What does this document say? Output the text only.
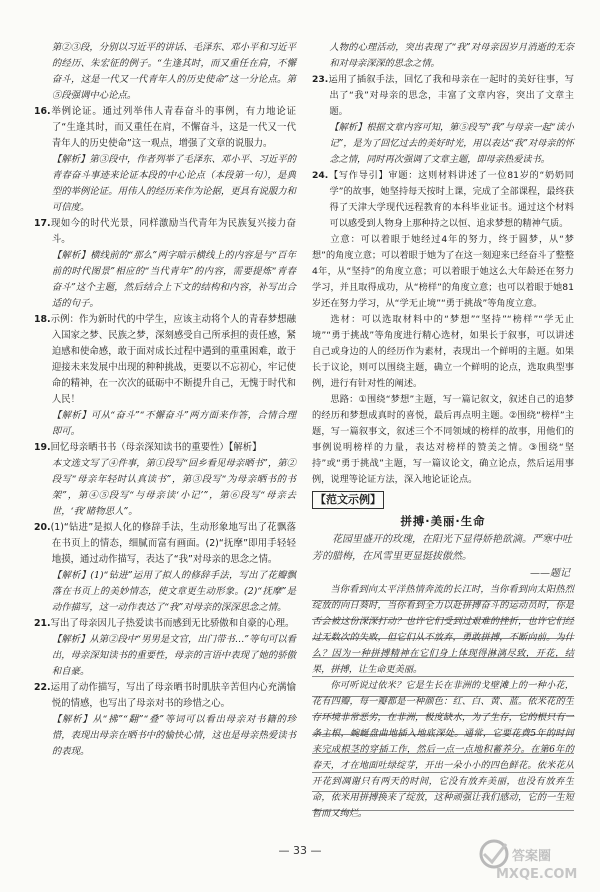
第②③段，分别以习近平的讲话、毛泽东、邓小平和习近平的经历、朱宏征的例子。“生逢其时，而又重任在肩，不懈奋斗，这是一代又一代青年人的历史使命”这一分论点。第⑤段强调中心论点。
16.举例论证。通过列举伟人青春奋斗的事例，有力地论证了“生逢其时，而又重任在肩，不懈奋斗，这是一代又一代青年人的历史使命”这一观点，增强了文章的说服力。
【解析】第③段中，作者列举了毛泽东、邓小平、习近平的青春奋斗事迹来论证本段的中心论点（本段第一句），是典型的举例论证。用伟人的经历来作为论据，更具有说服力和可信度。
17.现如今的时代光景，同样激励当代青年为民族复兴接力奋斗。
【解析】横线前的“那么”两字暗示横线上的内容是与“百年前的时代图景”相应的“当代青年”的内容，需要提炼“青春奋斗”这个主题，然后结合上下文的结构和内容，补写出合适的句子。
18.示例：作为新时代的中学生，应该主动将个人的青春梦想融入国家之梦、民族之梦，深刻感受自己所承担的责任感，紧迫感和使命感，敢于面对成长过程中遇到的重重困难，敢于迎接未来发展中出现的种种挑战，更要以不忘初心，牢记使命的精神，在一次次的砥砺中不断提升自己，无愧于时代和人民！
【解析】可从“奋斗”“不懈奋斗”两方面来作答，合情合理即可。
19.回忆母亲晒书书（母亲深知读书的重要性）【解析】
本文选文写了④件事，第①段写“回乡看见母亲晒书”，第②段写“母亲年轻时认真读书”，第③段写“为母亲晒书的书架”，第④⑤段写“与母亲读‘小记’”，第⑥段写“母亲去世，‘我’睹物思人”。
20.(1)“钻进”是拟人化的修辞手法，生动形象地写出了花飘落在书页上的情态，细腻而富有画面。(2)“抚摩”即用手轻轻地摸，通过动作描写，表达了“我”对母亲的思念之情。
【解析】(1)“钻进”运用了拟人的修辞手法，写出了花瓣飘落在书页上的美妙情态，使文章更生动形象。(2)“抚摩”是动作描写，这一动作表达了“我”对母亲的深深思念之情。
21.写出了母亲因儿子热爱读书而感到无比骄傲和自豪的心理。
【解析】从第②段中“男男是文官，出门带书…”等句可以看出，母亲深知读书的重要性，母亲的言语中表现了她的骄傲和自豪。
22.运用了动作描写，写出了母亲晒书时肌肤辛苦但内心充满愉悦的情感，也写出了母亲对书的珍惜之心。
【解析】从“拂”“翻”“叠”等词可以看出母亲对书籍的珍惜，表现出母亲在晒书中的愉快心情，这也是母亲热爱读书的表现。
人物的心理活动，突出表现了“我”对母亲因岁月消逝的无奈和对母亲深深的思念之情。
23.运用了插叙手法，回忆了我和母亲在一起时的美好往事，写出了“我”对母亲的思念，丰富了文章内容，突出了文章主题。
【解析】根据文章内容可知，第⑤段写“我”与母亲一起“读小记”，是为了回忆过去的美好时光，用以表达“我”对母亲的怀念之情，同时再次强调了文章主题，即母亲热爱读书。
24.【写作导引】审题：这则材料讲述了一位81岁的“奶奶同学”的故事，她坚持每天按时上课，完成了全部课程，最终获得了天津大学现代远程教育的本科毕业证书。通过这个材料可以感受到人物身上那种持之以恒、追求梦想的精神气质。
立意：可以着眼于她经过4年的努力，终于圆梦，从“梦想”的角度立意；可以着眼于她为了在这一刻迎来已经奋斗了整整4年，从“坚持”的角度立意；可以着眼于她这么大年龄还在努力学习，并且取得成功，从“榜样”的角度立意；也可以着眼于她81岁还在努力学习，从“学无止境”“勇于挑战”等角度立意。
选材：可以选取材料中的“梦想”“坚持”“榜样”“学无止境”“勇于挑战”等角度进行精心选材，如果长于叙事，可以讲述自己或身边的人的经历作为素材，表现出一个鲜明的主题。如果长于议论，则可以围绕主题，确立一个鲜明的论点，选取典型事例，进行有针对性的阐述。
思路：①围绕“梦想”主题，写一篇记叙文，叙述自己的追梦的经历和梦想成真时的喜悦，最后再点明主题。②围绕“榜样”主题，写一篇叙事文，叙述三个不同领域的榜样的故事，用他们的事例说明榜样的力量，表达对榜样的赞美之情。③围绕“坚持”或“勇于挑战”主题，写一篇议论文，确立论点，然后运用事例，说理等论证方法，深入地论证论点。
【范文示例】
拼搏·美丽·生命
花园里盛开的玫瑰，在阳光下显得娇艳欲滴。严寒中吐芳的腊梅，在风雪里更显挺拔傲然。
——题记
当你看到向太平洋热情奔流的长江时，当你看到向太阳热烈绽放的向日葵时，当你看到全力以赴拼搏奋斗的运动员时，你是否会被这份深深打动？也许它们受到过艰难的挫折，也许它们经过无数次的失败，但它们从不放弃，勇敢拼搏，不断向前。为什么？因为一种拼搏精神在它们身上体现得淋漓尽致，开花，结果，拼搏，让生命更美丽。
你可听说过依米？它是生长在非洲的戈壁滩上的一种小花，花有四瓣，每一瓣都是一种颜色：红、白、黄、蓝。依米花的生存环境非常恶劣，在非洲，极度缺水，为了生存，它的根只有一条主根，蜿蜒盘曲地插入地底深处。通常，它要花费5年的时间来完成根茎的穿插工作，然后一点一点地积蓄养分。在第6年的春天，才在地面吐绿绽芽，开出一朵小小的四色鲜花。依米花从开花到凋谢只有两天的时间，它没有放弃美丽，也没有放弃生命，依米用拼搏换来了绽放，这种顽强让我们感动，它的一生短暂而又绚烂。
— 33 —	答案圈
MXQE.COM
